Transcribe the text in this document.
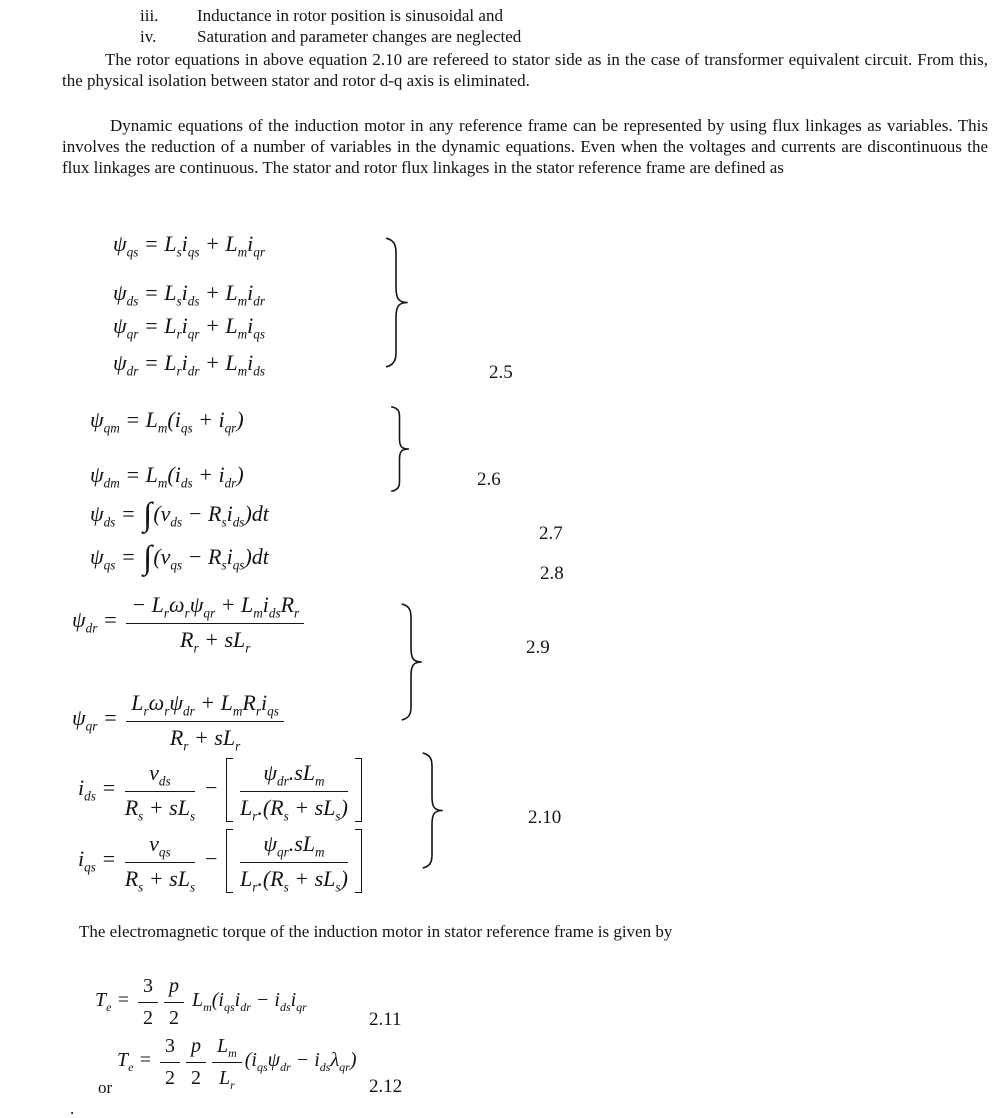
iii. Inductance in rotor position is sinusoidal and
iv. Saturation and parameter changes are neglected

The rotor equations in above equation 2.10 are refereed to stator side as in the case of transformer equivalent circuit. From this, the physical isolation between stator and rotor d-q axis is eliminated.

Dynamic equations of the induction motor in any reference frame can be represented by using flux linkages as variables. This involves the reduction of a number of variables in the dynamic equations. Even when the voltages and currents are discontinuous the flux linkages are continuous. The stator and rotor flux linkages in the stator reference frame are defined as

$\psi_{qs} = L_si_{qs} + L_mi_{qr}$
$\psi_{ds} = L_si_{ds} + L_mi_{dr}$
$\psi_{qr} = L_ri_{qr} + L_mi_{qs}$
$\psi_{dr} = L_ri_{dr} + L_mi_{ds}$	2.5
$\psi_{qm} = L_m(i_{qs} + i_{qr})$
$\psi_{dm} = L_m(i_{ds} + i_{dr})$	2.6
$\psi_{ds} = \int(v_{ds} - R_si_{ds})dt$
2.7
$\psi_{qs} = \int(v_{qs} - R_si_{qs})dt$
2.8
$\psi_{dr}$ =
− $L_r\omega_r\psi_{qr} + L_mi_{ds}R_r$
$R_r + sL_r$
$\psi_{qr}$ =
$L_r\omega_r\psi_{dr} + L_mR_ri_{qs}$
$R_r + sL_r$
2.9
$i_{ds}$ =
$v_{ds}$
$R_s + sL_s$
−
$\psi_{dr}.sL_m$
$L_r.(R_s + sL_s)$
$i_{qs}$ =
$v_{qs}$
$R_s + sL_s$
−
$\psi_{qr}.sL_m$
$L_r.(R_s + sL_s)$
2.10

The electromagnetic torque of the induction motor in stator reference frame is given by

$T_e = \frac{3}{2} \frac{p}{2} L_m(i_{qs}i_{dr} - i_{ds}i_{qr}$
2.11
or
$T_e = \frac{3}{2} \frac{p}{2} \frac{L_m}{L_r} (i_{qs}\psi_{dr} - i_{ds}\lambda_{qr})$
2.12
.
